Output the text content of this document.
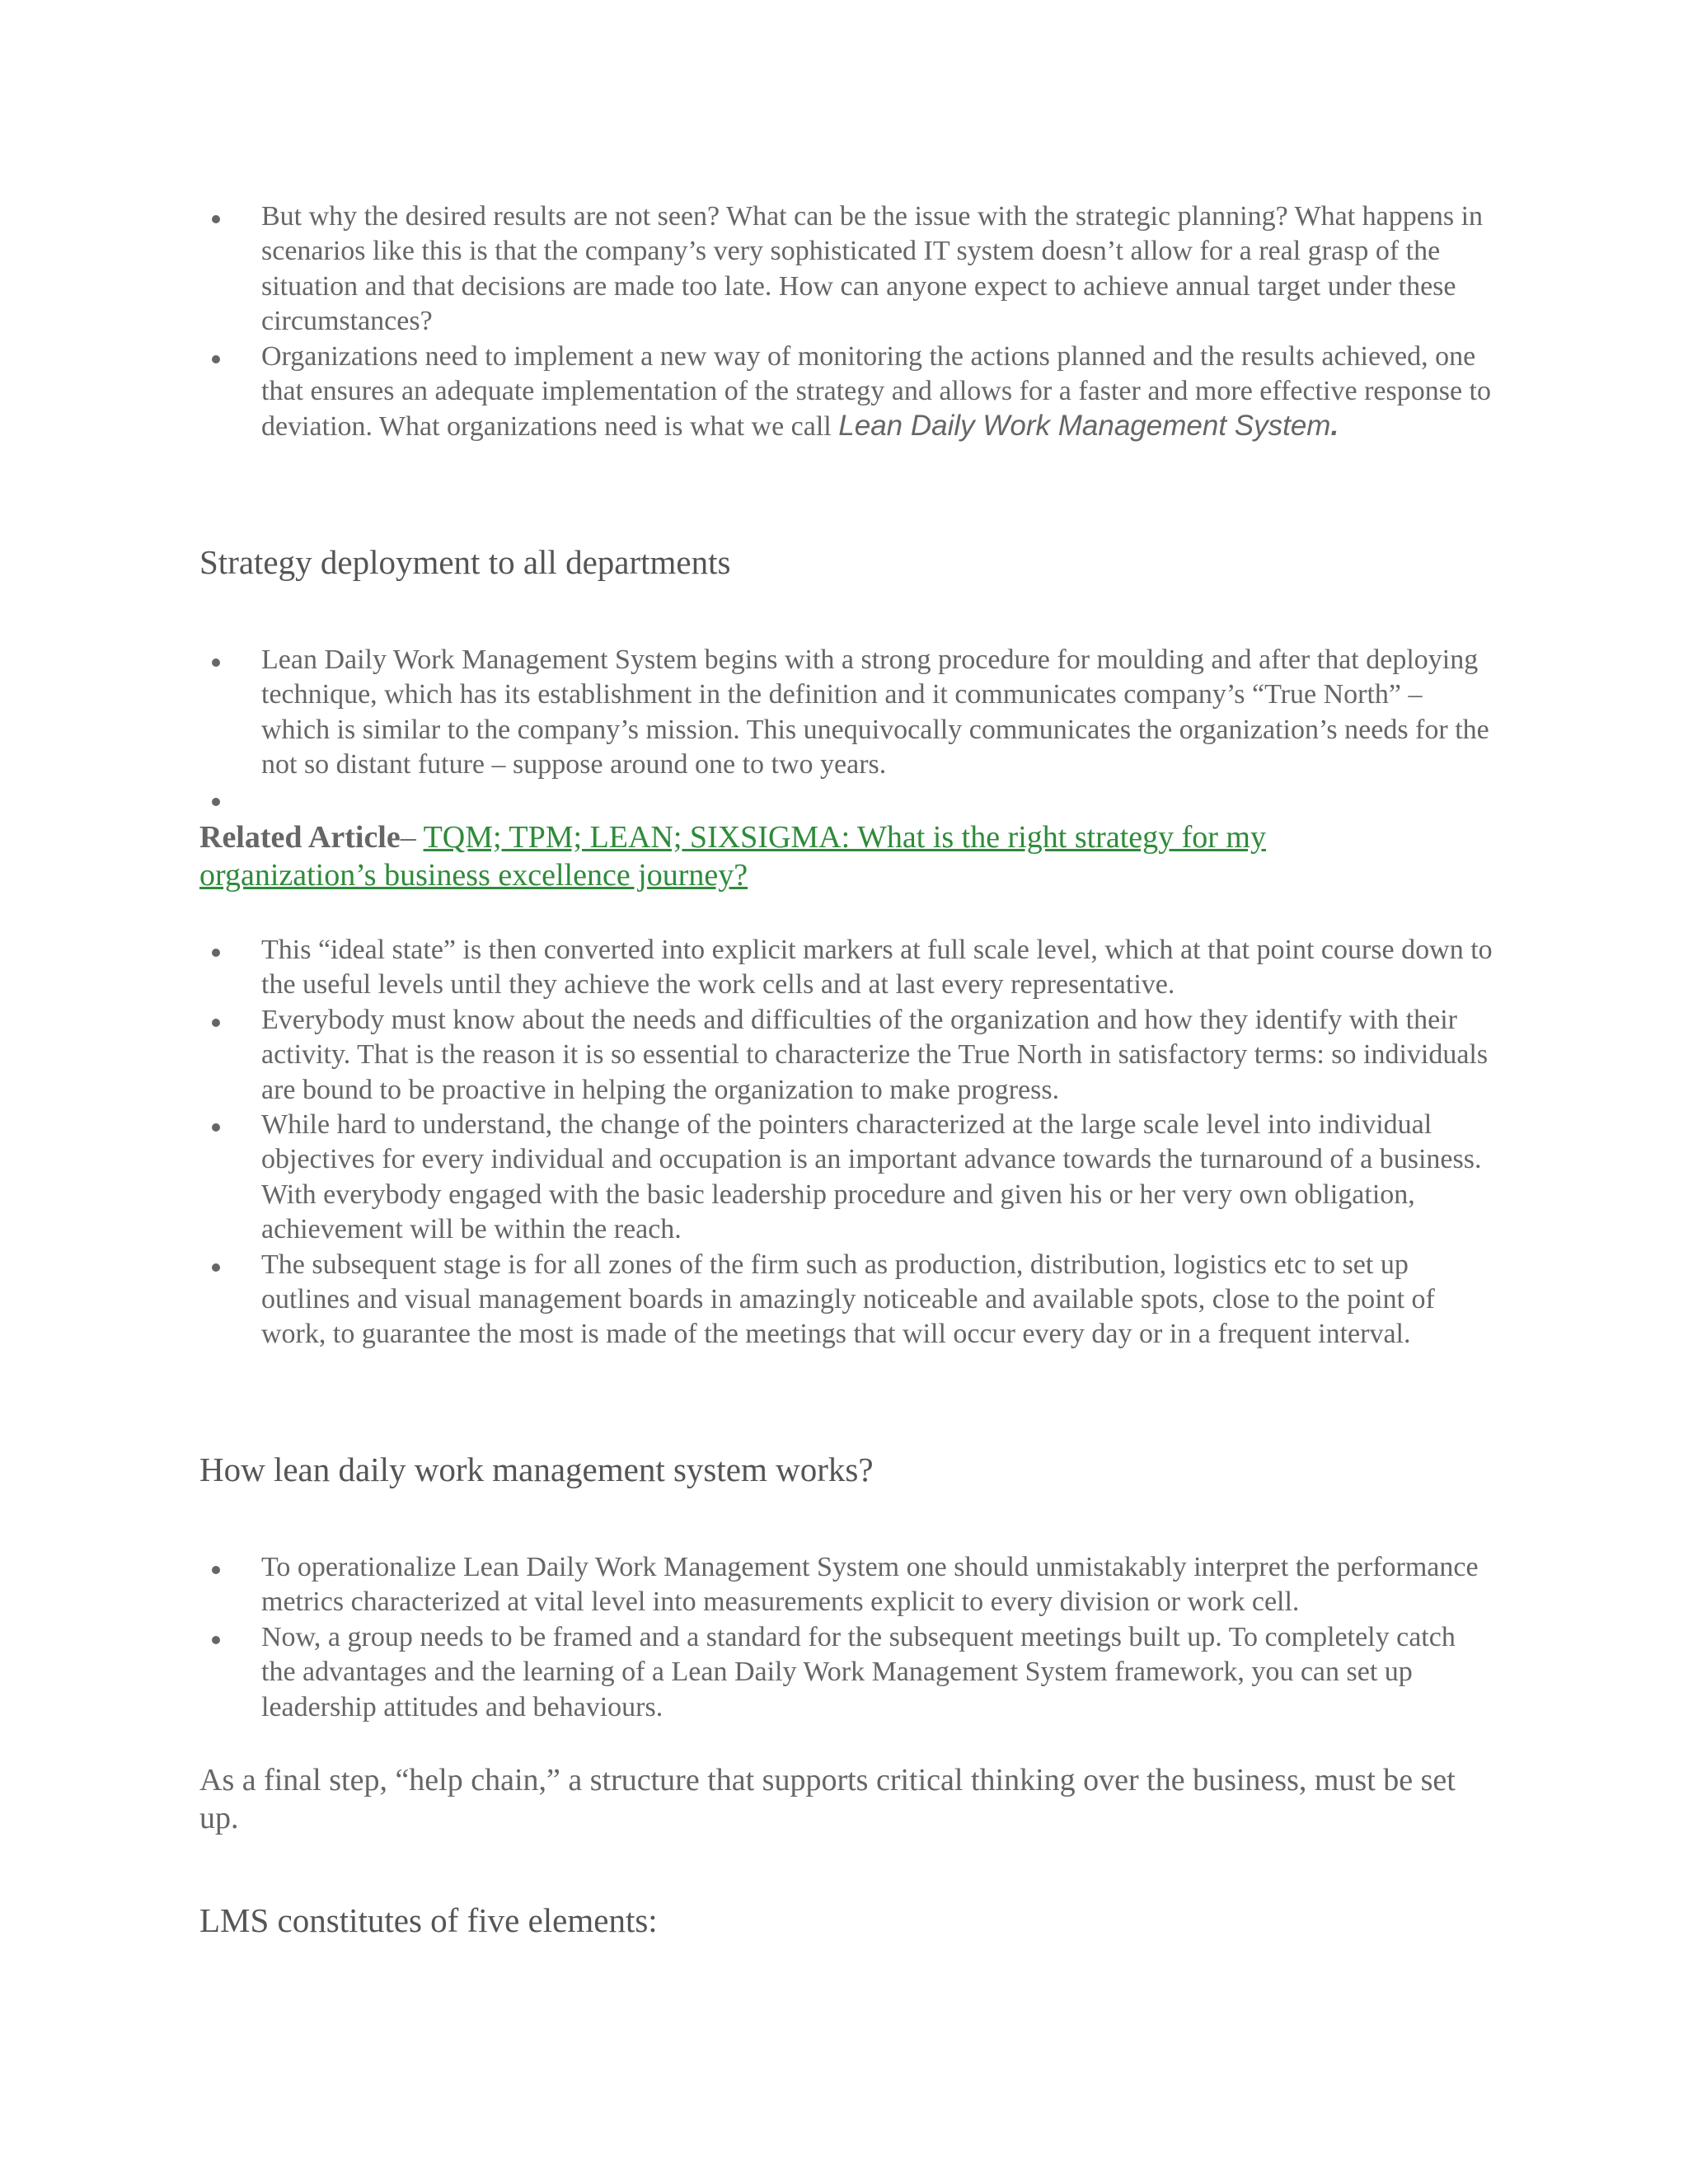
But why the desired results are not seen? What can be the issue with the strategic planning? What happens in scenarios like this is that the company’s very sophisticated IT system doesn’t allow for a real grasp of the situation and that decisions are made too late. How can anyone expect to achieve annual target under these circumstances?
Organizations need to implement a new way of monitoring the actions planned and the results achieved, one that ensures an adequate implementation of the strategy and allows for a faster and more effective response to deviation. What organizations need is what we call Lean Daily Work Management System.
Strategy deployment to all departments
Lean Daily Work Management System begins with a strong procedure for moulding and after that deploying technique, which has its establishment in the definition and it communicates company’s “True North” – which is similar to the company’s mission. This unequivocally communicates the organization’s needs for the not so distant future – suppose around one to two years.
Related Article– TQM; TPM; LEAN; SIXSIGMA: What is the right strategy for my organization’s business excellence journey?
This “ideal state” is then converted into explicit markers at full scale level, which at that point course down to the useful levels until they achieve the work cells and at last every representative.
Everybody must know about the needs and difficulties of the organization and how they identify with their activity. That is the reason it is so essential to characterize the True North in satisfactory terms: so individuals are bound to be proactive in helping the organization to make progress.
While hard to understand, the change of the pointers characterized at the large scale level into individual objectives for every individual and occupation is an important advance towards the turnaround of a business. With everybody engaged with the basic leadership procedure and given his or her very own obligation, achievement will be within the reach.
The subsequent stage is for all zones of the firm such as production, distribution, logistics etc to set up outlines and visual management boards in amazingly noticeable and available spots, close to the point of work, to guarantee the most is made of the meetings that will occur every day or in a frequent interval.
How lean daily work management system works?
To operationalize Lean Daily Work Management System one should unmistakably interpret the performance metrics characterized at vital level into measurements explicit to every division or work cell.
Now, a group needs to be framed and a standard for the subsequent meetings built up. To completely catch the advantages and the learning of a Lean Daily Work Management System framework, you can set up leadership attitudes and behaviours.

As a final step, “help chain,” a structure that supports critical thinking over the business, must be set up.

LMS constitutes of five elements:
